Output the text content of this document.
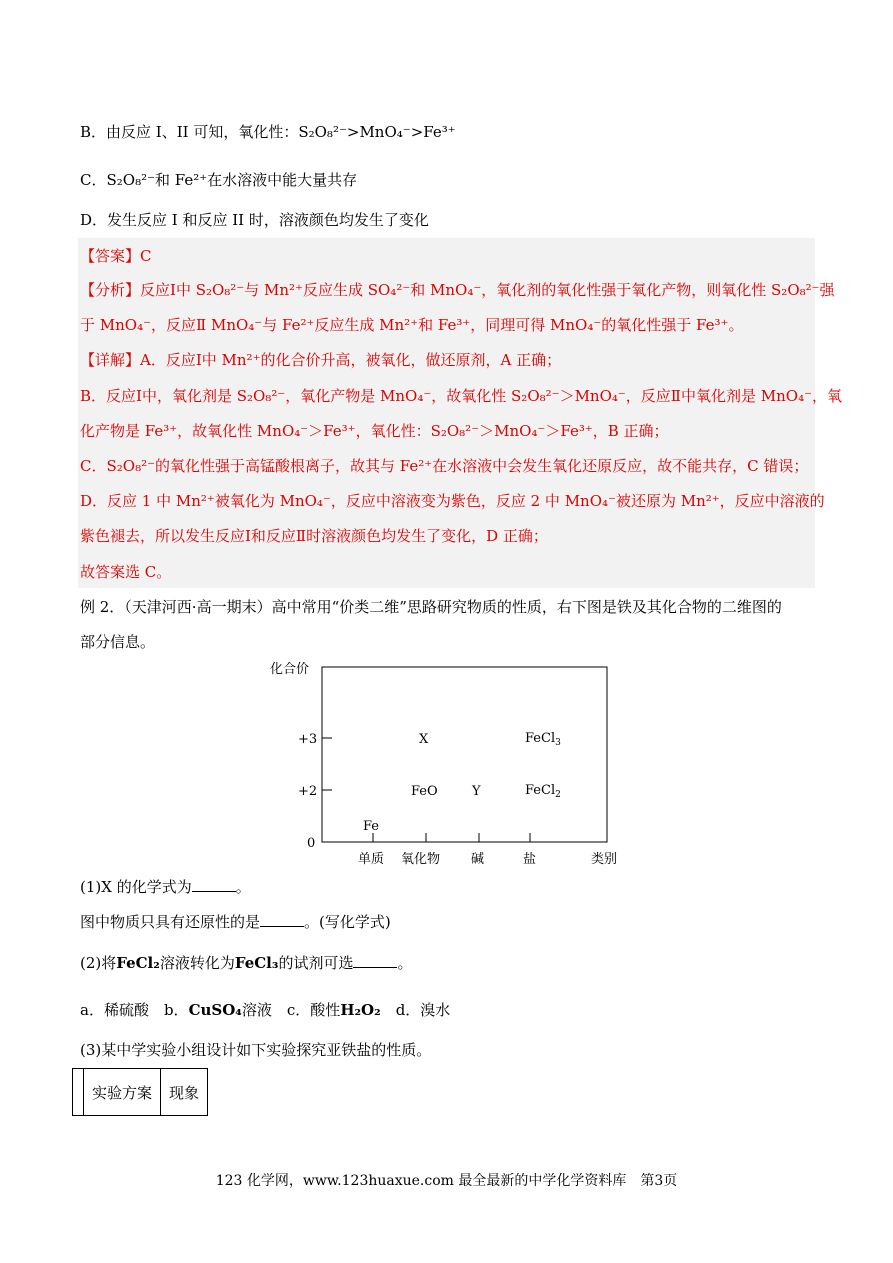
B．由反应 I、II 可知，氧化性：S₂O₈²⁻>MnO₄⁻>Fe³⁺
C．S₂O₈²⁻和 Fe²⁺在水溶液中能大量共存
D．发生反应 I 和反应 II 时，溶液颜色均发生了变化
【答案】C
【分析】反应Ⅰ中 S₂O₈²⁻与 Mn²⁺反应生成 SO₄²⁻和 MnO₄⁻，氧化剂的氧化性强于氧化产物，则氧化性 S₂O₈²⁻强
于 MnO₄⁻，反应Ⅱ MnO₄⁻与 Fe²⁺反应生成 Mn²⁺和 Fe³⁺，同理可得 MnO₄⁻的氧化性强于 Fe³⁺。
【详解】A．反应Ⅰ中 Mn²⁺的化合价升高，被氧化，做还原剂，A 正确；
B．反应Ⅰ中，氧化剂是 S₂O₈²⁻，氧化产物是 MnO₄⁻，故氧化性 S₂O₈²⁻＞MnO₄⁻，反应Ⅱ中氧化剂是 MnO₄⁻，氧
化产物是 Fe³⁺，故氧化性 MnO₄⁻＞Fe³⁺，氧化性：S₂O₈²⁻＞MnO₄⁻＞Fe³⁺，B 正确；
C．S₂O₈²⁻的氧化性强于高锰酸根离子，故其与 Fe²⁺在水溶液中会发生氧化还原反应，故不能共存，C 错误；
D．反应 1 中 Mn²⁺被氧化为 MnO₄⁻，反应中溶液变为紫色，反应 2 中 MnO₄⁻被还原为 Mn²⁺，反应中溶液的
紫色褪去，所以发生反应Ⅰ和反应Ⅱ时溶液颜色均发生了变化，D 正确；
故答案选 C。
例 2．（天津河西·高一期末）高中常用“价类二维”思路研究物质的性质，右下图是铁及其化合物的二维图的
部分信息。
化合价
+3
+2
0
单质 氧化物 碱	盐	类别
Fe
FeO	Y
X	FeCl$_3$
FeCl$_2$
(1)X 的化学式为	。
图中物质只具有还原性的是	。(写化学式)
(2)将FeCl₂溶液转化为FeCl₃的试剂可选	。
a．稀硫酸  b．CuSO₄溶液  c．酸性H₂O₂  d．溴水
(3)某中学实验小组设计如下实验探究亚铁盐的性质。
	实验方案	现象
123 化学网，www.123huaxue.com 最全最新的中学化学资料库　第3页
